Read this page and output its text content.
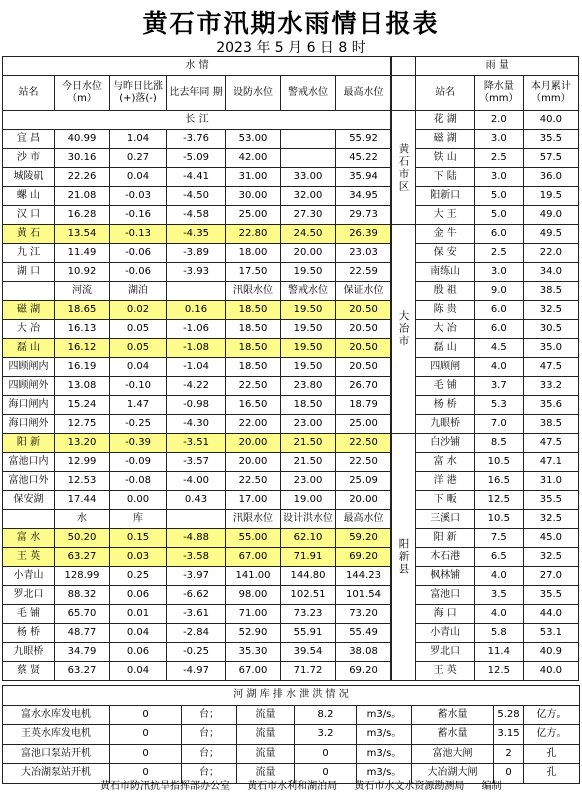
黄石市汛期水雨情日报表
2023 年 5 月 6 日 8 时
水 情						
站名	今日水位（m）	与昨日比涨(+)落(-)	比去年同 期	设防水位	警戒水位	最高水位
长 江						
宜 昌	40.99	1.04	-3.76	53.00		55.92
沙 市	30.16	0.27	-5.09	42.00		45.22
城陵矶	22.26	0.04	-4.41	31.00	33.00	35.94
螺 山	21.08	-0.03	-4.50	30.00	32.00	34.95
汉 口	16.28	-0.16	-4.58	25.00	27.30	29.73
黄 石	13.54	-0.13	-4.35	22.80	24.50	26.39
九 江	11.49	-0.06	-3.89	18.00	20.00	23.03
湖 口	10.92	-0.06	-3.93	17.50	19.50	22.59
	河流	湖泊		汛限水位	警戒水位	保证水位
磁 湖	18.65	0.02	0.16	18.50	19.50	20.50
大 冶	16.13	0.05	-1.06	18.50	19.50	20.50
磊 山	16.12	0.05	-1.08	18.50	19.50	20.50
四顾闸内	16.19	0.04	-1.04	18.50	19.50	20.50
四顾闸外	13.08	-0.10	-4.22	22.50	23.80	26.70
海口闸内	15.24	1.47	-0.98	16.50	18.50	18.79
海口闸外	12.75	-0.25	-4.30	22.00	23.00	25.00
阳 新	13.20	-0.39	-3.51	20.00	21.50	22.50
富池口内	12.99	-0.09	-3.57	20.00	21.50	22.50
富池口外	12.53	-0.08	-4.00	22.50	23.00	25.09
保安湖	17.44	0.00	0.43	17.00	19.00	20.00
	水	库		汛限水位	设计洪水位	最高水位
富 水	50.20	0.15	-4.88	55.00	62.10	59.20
王 英	63.27	0.03	-3.58	67.00	71.91	69.20
小青山	128.99	0.25	-3.97	141.00	144.80	144.23
罗北口	88.32	0.06	-6.62	98.00	102.51	101.54
毛 铺	65.70	0.01	-3.61	71.00	73.23	73.20
杨 桥	48.77	0.04	-2.84	52.90	55.91	55.49
九眼桥	34.79	0.06	-0.25	35.30	39.54	38.08
蔡 贤	63.27	0.04	-4.97	67.00	71.72	69.20
	雨 量		
	站名	降水量（mm）	本月累计（mm）
黄石市区	花 湖	2.0	40.0
	磁 湖	3.0	35.5
	铁 山	2.5	57.5
	下 陆	3.0	36.0
	阳新口	5.0	19.5
	大 王	5.0	49.0
大冶市	金 牛	6.0	49.5
	保 安	2.5	22.0
	南练山	3.0	34.0
	殷 祖	9.0	38.5
	陈 贵	6.0	32.5
	大 冶	6.0	30.5
	磊 山	4.5	35.0
	四顾闸	4.0	47.5
	毛 铺	3.7	33.2
	杨 桥	5.3	35.6
	九眼桥	7.0	38.5
阳新县	白沙铺	8.5	47.5
	富 水	10.5	47.1
	洋 港	16.5	31.0
	下 畈	12.5	35.5
	三溪口	10.5	32.5
	阳 新	7.5	45.0
	木石港	6.5	32.5
	枫林铺	4.0	27.0
	富池口	3.5	35.5
	海 口	4.0	44.0
	小青山	5.8	53.1
	罗北口	11.4	40.9
	王 英	12.5	40.0
河 湖 库 排 水 泄 洪 情 况								
富水水库发电机	0	台；	流量	8.2	m3/s。	蓄水量	5.28	亿方。
王英水库发电机	0	台；	流量	3.2	m3/s。	蓄水量	3.15	亿方。
富池口泵站开机	0	台；	流量	0	m3/s。	富池大闸	2	孔
大冶湖泵站开机	0	台；	流量	0	m3/s。	大冶湖大闸	0	孔
黄石市防汛抗旱指挥部办公室 黄石市水利和湖泊局 黄石市水文水资源勘测局 编制
